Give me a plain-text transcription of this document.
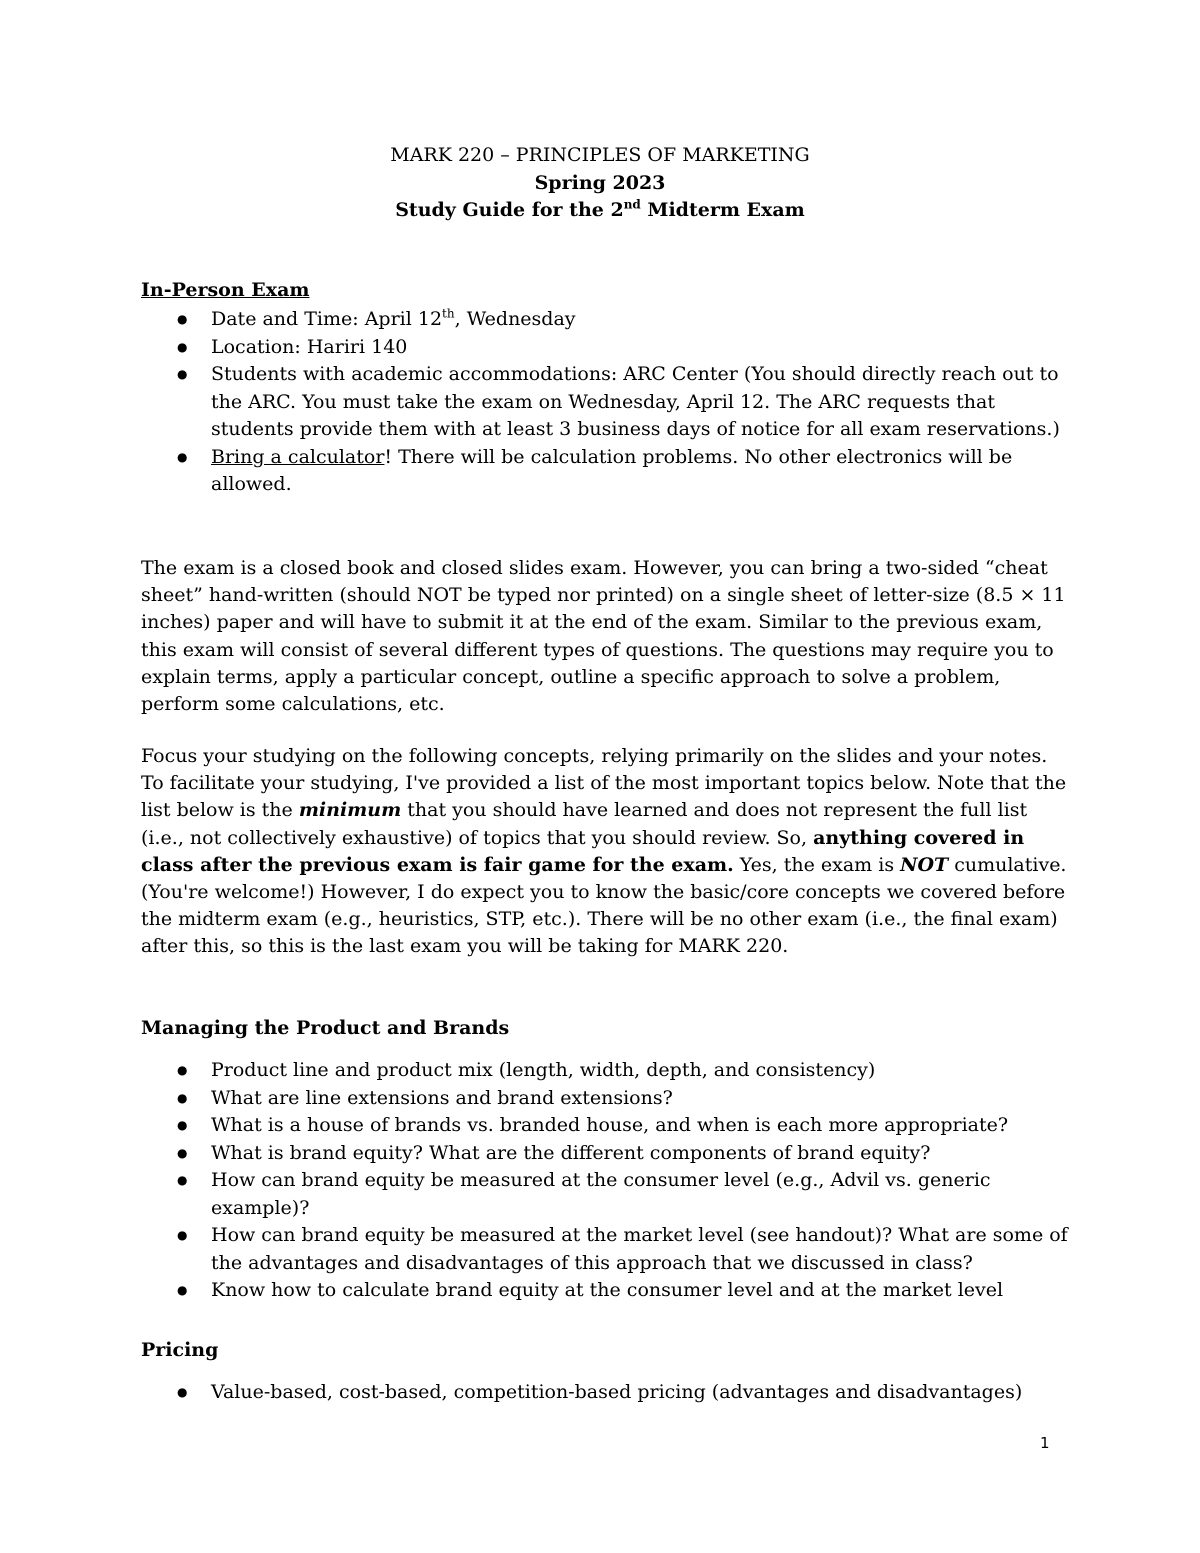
MARK 220 – PRINCIPLES OF MARKETING
Spring 2023
Study Guide for the 2nd Midterm Exam
In-Person Exam
● Date and Time: April 12th, Wednesday
● Location: Hariri 140
● Students with academic accommodations: ARC Center (You should directly reach out to the ARC. You must take the exam on Wednesday, April 12. The ARC requests that students provide them with at least 3 business days of notice for all exam reservations.)
● Bring a calculator! There will be calculation problems. No other electronics will be allowed.

The exam is a closed book and closed slides exam. However, you can bring a two-sided “cheat sheet” hand-written (should NOT be typed nor printed) on a single sheet of letter-size (8.5 × 11 inches) paper and will have to submit it at the end of the exam. Similar to the previous exam, this exam will consist of several different types of questions. The questions may require you to explain terms, apply a particular concept, outline a specific approach to solve a problem, perform some calculations, etc.

Focus your studying on the following concepts, relying primarily on the slides and your notes. To facilitate your studying, I've provided a list of the most important topics below. Note that the list below is the minimum that you should have learned and does not represent the full list (i.e., not collectively exhaustive) of topics that you should review. So, anything covered in class after the previous exam is fair game for the exam. Yes, the exam is NOT cumulative. (You're welcome!) However, I do expect you to know the basic/core concepts we covered before the midterm exam (e.g., heuristics, STP, etc.). There will be no other exam (i.e., the final exam) after this, so this is the last exam you will be taking for MARK 220.

Managing the Product and Brands
● Product line and product mix (length, width, depth, and consistency)
● What are line extensions and brand extensions?
● What is a house of brands vs. branded house, and when is each more appropriate?
● What is brand equity? What are the different components of brand equity?
● How can brand equity be measured at the consumer level (e.g., Advil vs. generic example)?
● How can brand equity be measured at the market level (see handout)? What are some of the advantages and disadvantages of this approach that we discussed in class?
● Know how to calculate brand equity at the consumer level and at the market level
Pricing
● Value-based, cost-based, competition-based pricing (advantages and disadvantages)
1
